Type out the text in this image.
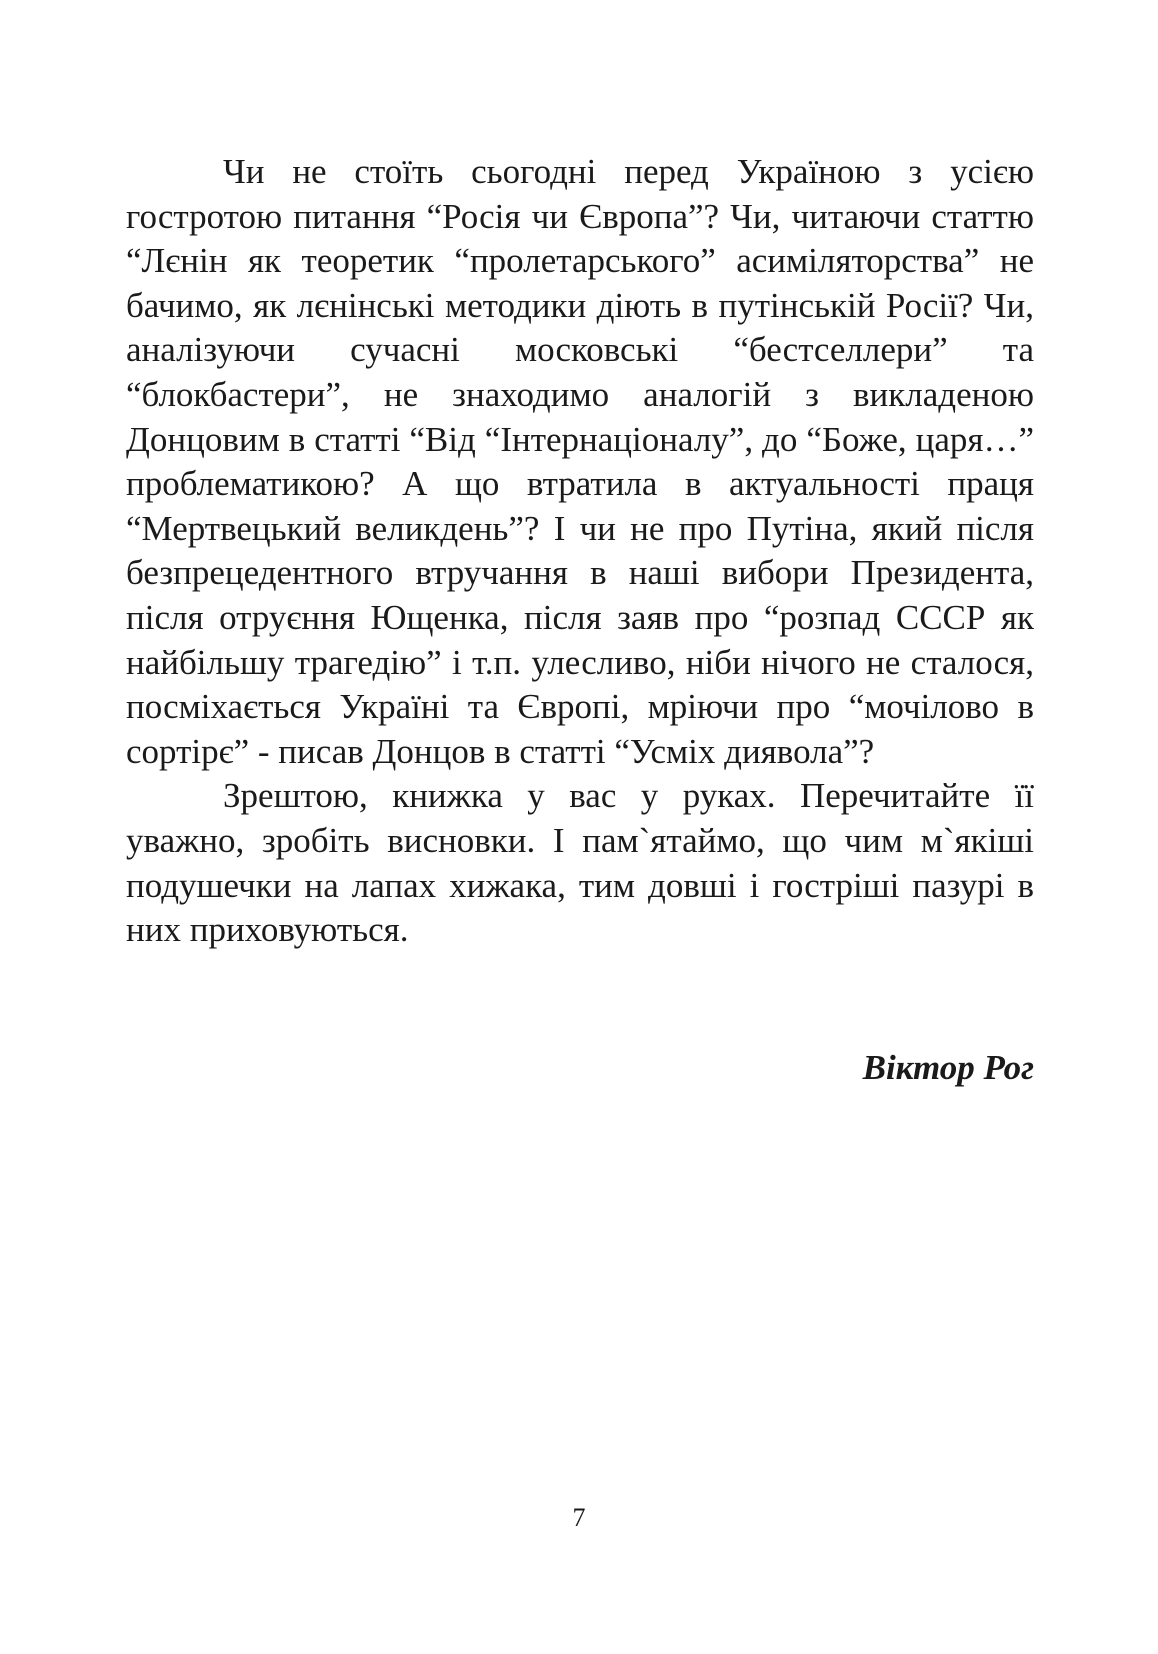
Чи не стоїть сьогодні перед Україною з усією гостротою питання “Росія чи Європа”? Чи, читаючи статтю “Лєнін як теоретик “пролетарського” асиміляторства” не бачимо, як лєнінські методики діють в путінській Росії? Чи, аналізуючи сучасні московські “бестселлери” та “блокбастери”, не знаходимо аналогій з викладеною Донцовим в статті “Від “Інтернаціоналу”, до “Боже, царя…” проблематикою? А що втратила в актуальності праця “Мертвецький великдень”? І чи не про Путіна, який після безпрецедентного втручання в наші вибори Президента, після отруєння Ющенка, після заяв про “розпад СССР як найбільшу трагедію” і т.п. улесливо, ніби нічого не сталося, посміхається Україні та Європі, мріючи про “мочілово в сортірє” - писав Донцов в статті “Усміх диявола”?

Зрештою, книжка у вас у руках. Перечитайте її уважно, зробіть висновки. І пам`ятаймо, що чим м`якіші подушечки на лапах хижака, тим довші і гостріші пазурі в них приховуються.

Віктор Рог
7
